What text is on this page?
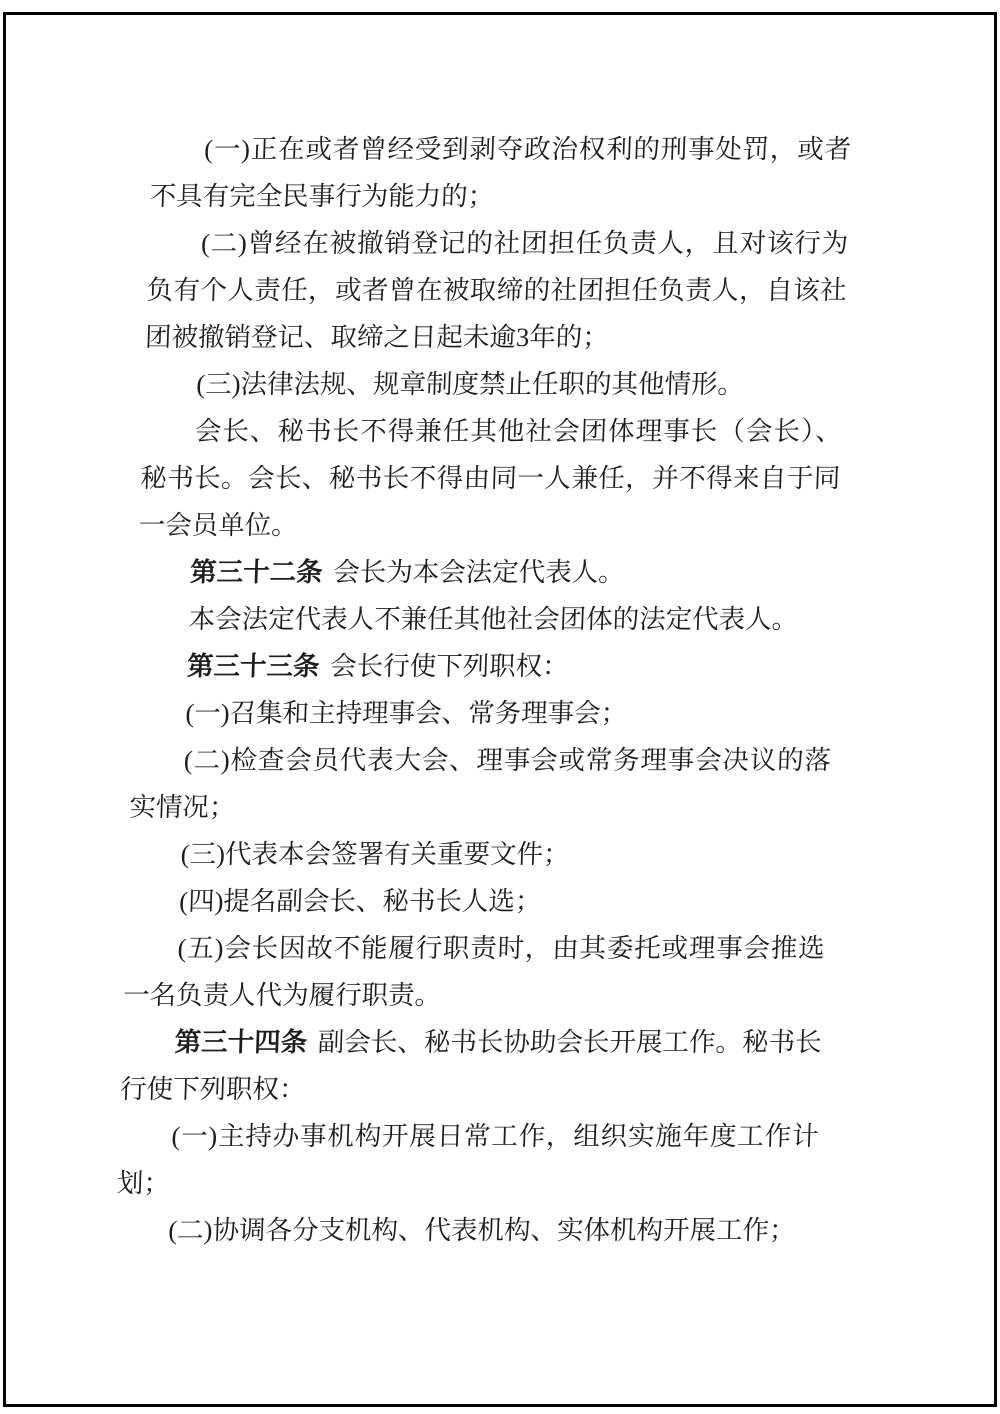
(一)正在或者曾经受到剥夺政治权利的刑事处罚，或者不具有完全民事行为能力的；

(二)曾经在被撤销登记的社团担任负责人，且对该行为负有个人责任，或者曾在被取缔的社团担任负责人，自该社团被撤销登记、取缔之日起未逾3年的；

(三)法律法规、规章制度禁止任职的其他情形。

会长、秘书长不得兼任其他社会团体理事长（会长）、秘书长。会长、秘书长不得由同一人兼任，并不得来自于同一会员单位。

第三十二条 会长为本会法定代表人。

本会法定代表人不兼任其他社会团体的法定代表人。

第三十三条 会长行使下列职权：

(一)召集和主持理事会、常务理事会；

(二)检查会员代表大会、理事会或常务理事会决议的落实情况；

(三)代表本会签署有关重要文件；

(四)提名副会长、秘书长人选；

(五)会长因故不能履行职责时，由其委托或理事会推选一名负责人代为履行职责。

第三十四条 副会长、秘书长协助会长开展工作。秘书长行使下列职权：

(一)主持办事机构开展日常工作，组织实施年度工作计划；

(二)协调各分支机构、代表机构、实体机构开展工作；
